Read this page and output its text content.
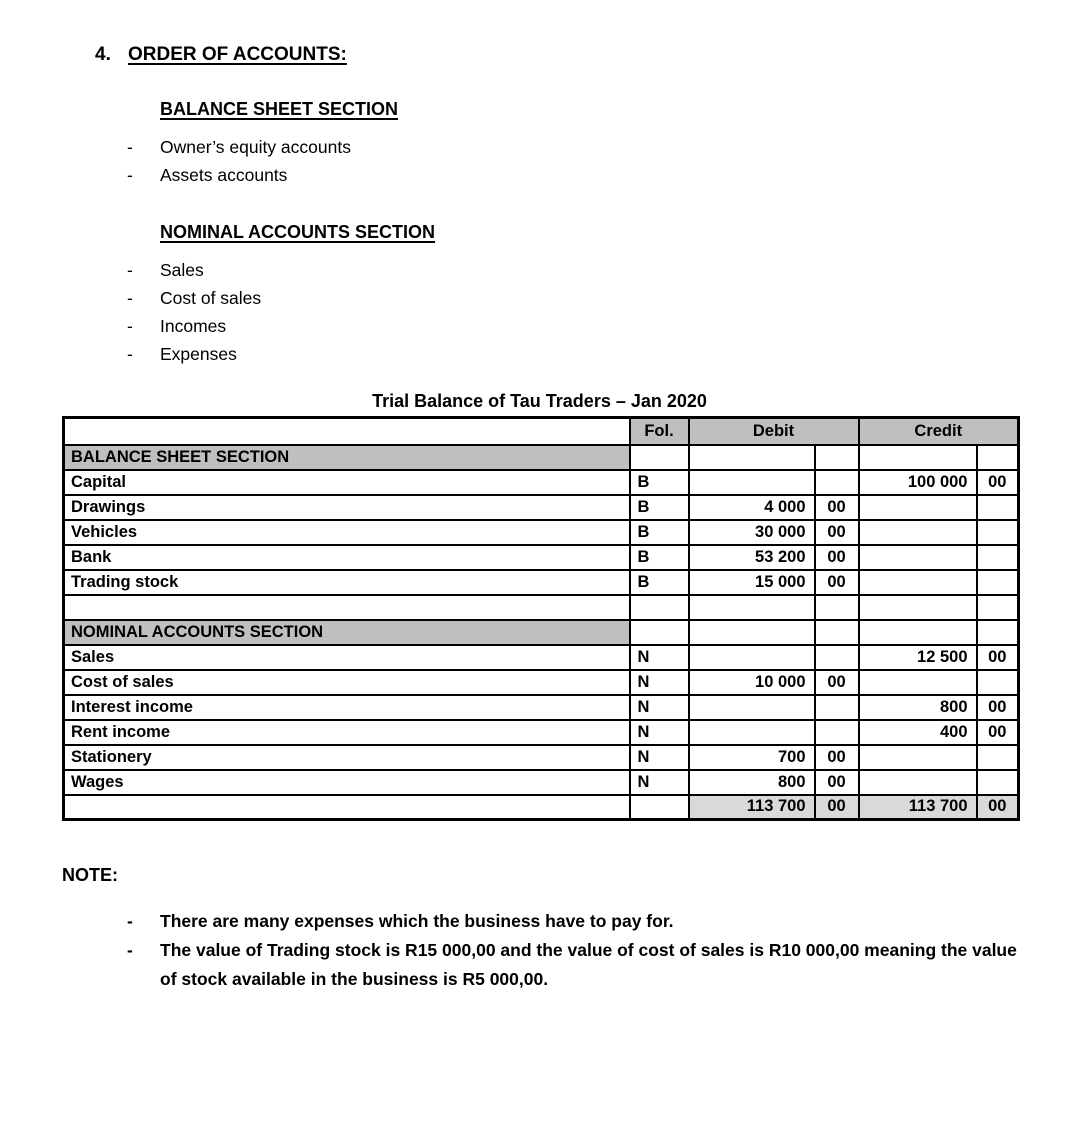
4. ORDER OF ACCOUNTS:
BALANCE SHEET SECTION
-	Owner’s equity accounts
-	Assets accounts
NOMINAL ACCOUNTS SECTION
-	Sales
-	Cost of sales
-	Incomes
-	Expenses
Trial Balance of Tau Traders – Jan 2020
	Fol.	Debit		Credit	
BALANCE SHEET SECTION					
Capital	B			100 000	00
Drawings	B	4 000	00		
Vehicles	B	30 000	00		
Bank	B	53 200	00		
Trading stock	B	15 000	00		

NOMINAL ACCOUNTS SECTION					
Sales	N			12 500	00
Cost of sales	N	10 000	00		
Interest income	N			800	00
Rent income	N			400	00
Stationery	N	700	00		
Wages	N	800	00		
		113 700	00	113 700	00
NOTE:
-	There are many expenses which the business have to pay for.
-	The value of Trading stock is R15 000,00 and the value of cost of sales is R10 000,00 meaning the value of stock available in the business is R5 000,00.
